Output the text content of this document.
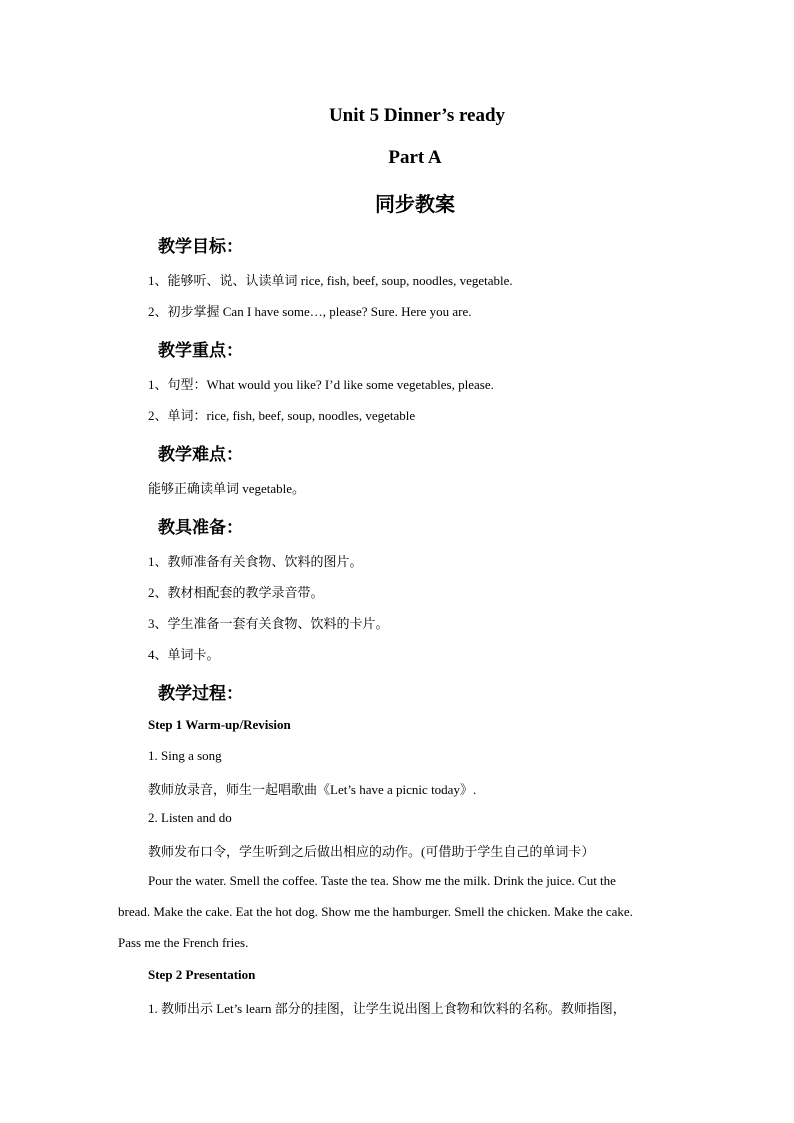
Unit 5 Dinner’s ready
Part A
同步教案
教学目标：
1、能够听、说、认读单词 rice, fish, beef, soup, noodles, vegetable.
2、初步掌握 Can I have some…, please? Sure. Here you are.
教学重点：
1、句型：What would you like? I’d like some vegetables, please.
2、单词：rice, fish, beef, soup, noodles, vegetable
教学难点：
能够正确读单词 vegetable。
教具准备：
1、教师准备有关食物、饮料的图片。
2、教材相配套的教学录音带。
3、学生准备一套有关食物、饮料的卡片。
4、单词卡。
教学过程：
Step 1 Warm-up/Revision
1. Sing a song
教师放录音，师生一起唱歌曲《Let’s have a picnic today》.
2. Listen and do
教师发布口令，学生听到之后做出相应的动作。(可借助于学生自己的单词卡）
Pour the water. Smell the coffee. Taste the tea. Show me the milk. Drink the juice. Cut the
bread. Make the cake. Eat the hot dog. Show me the hamburger. Smell the chicken. Make the cake.
Pass me the French fries.
Step 2 Presentation
1. 教师出示 Let’s learn 部分的挂图，让学生说出图上食物和饮料的名称。教师指图，
